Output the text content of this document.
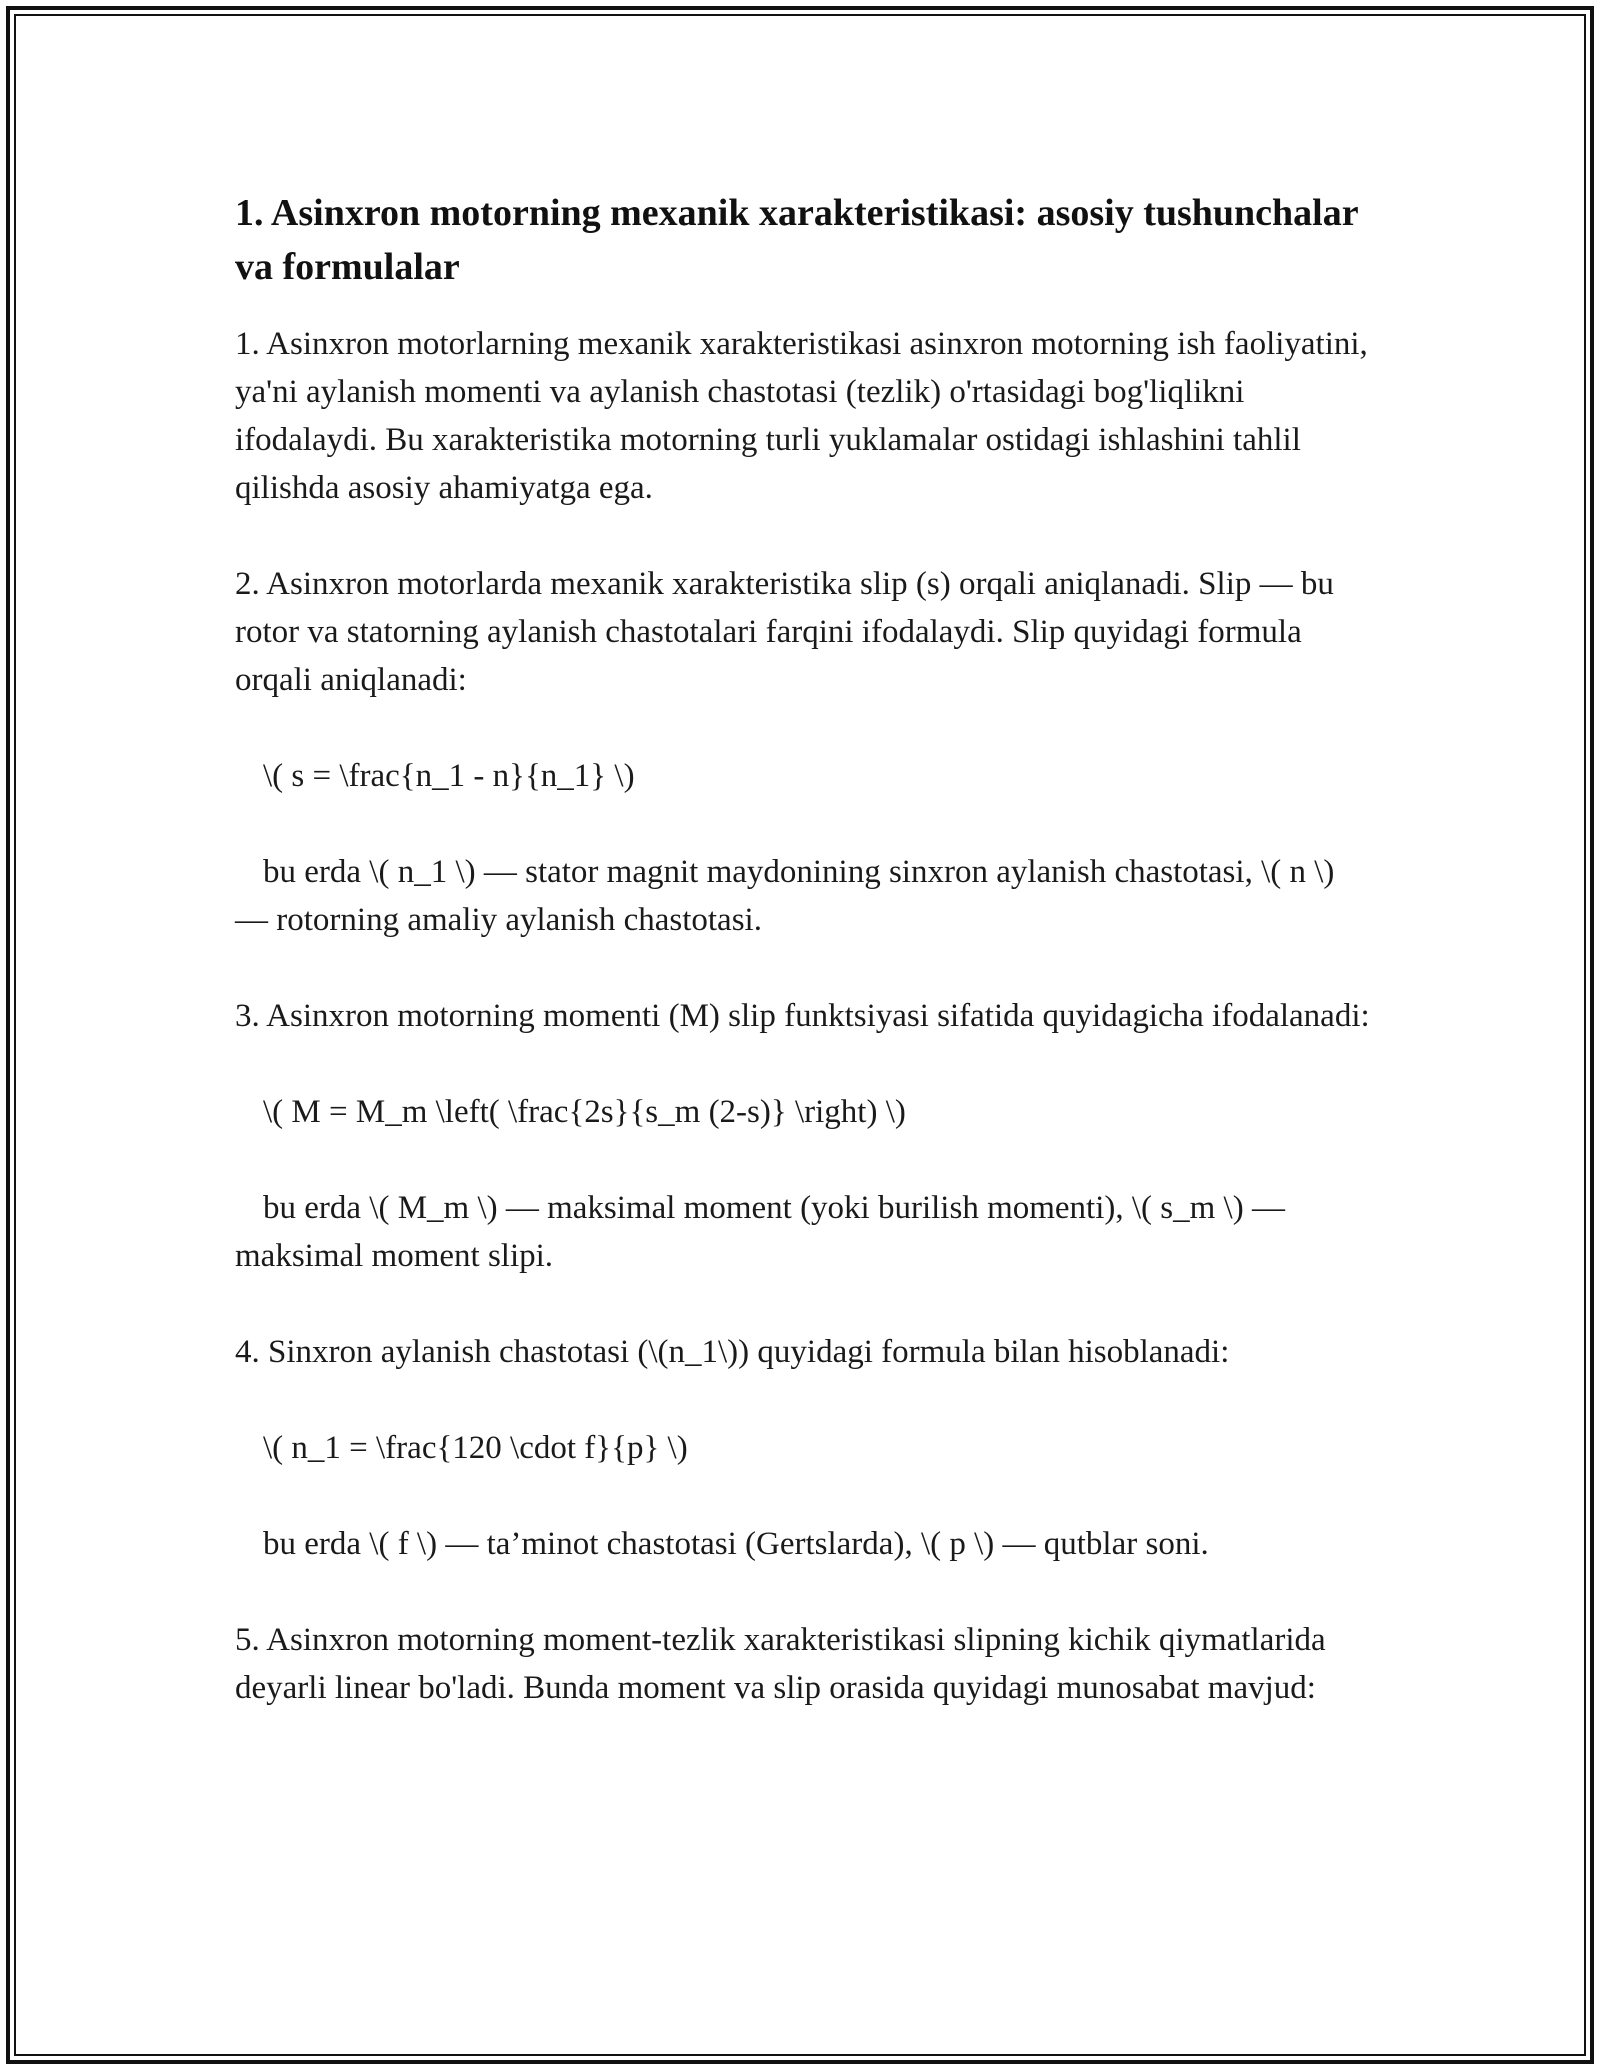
1. Asinxron motorning mexanik xarakteristikasi: asosiy tushunchalar va formulalar

1. Asinxron motorlarning mexanik xarakteristikasi asinxron motorning ish faoliyatini, ya'ni aylanish momenti va aylanish chastotasi (tezlik) o'rtasidagi bog'liqlikni ifodalaydi. Bu xarakteristika motorning turli yuklamalar ostidagi ishlashini tahlil qilishda asosiy ahamiyatga ega.

2. Asinxron motorlarda mexanik xarakteristika slip (s) orqali aniqlanadi. Slip — bu rotor va statorning aylanish chastotalari farqini ifodalaydi. Slip quyidagi formula orqali aniqlanadi:

\( s = \frac{n_1 - n}{n_1} \)

bu erda \( n_1 \) — stator magnit maydonining sinxron aylanish chastotasi, \( n \) — rotorning amaliy aylanish chastotasi.

3. Asinxron motorning momenti (M) slip funktsiyasi sifatida quyidagicha ifodalanadi:

\( M = M_m \left( \frac{2s}{s_m (2-s)} \right) \)

bu erda \( M_m \) — maksimal moment (yoki burilish momenti), \( s_m \) — maksimal moment slipi.

4. Sinxron aylanish chastotasi (\(n_1\)) quyidagi formula bilan hisoblanadi:

\( n_1 = \frac{120 \cdot f}{p} \)

bu erda \( f \) — ta’minot chastotasi (Gertslarda), \( p \) — qutblar soni.

5. Asinxron motorning moment-tezlik xarakteristikasi slipning kichik qiymatlarida deyarli linear bo'ladi. Bunda moment va slip orasida quyidagi munosabat mavjud:
